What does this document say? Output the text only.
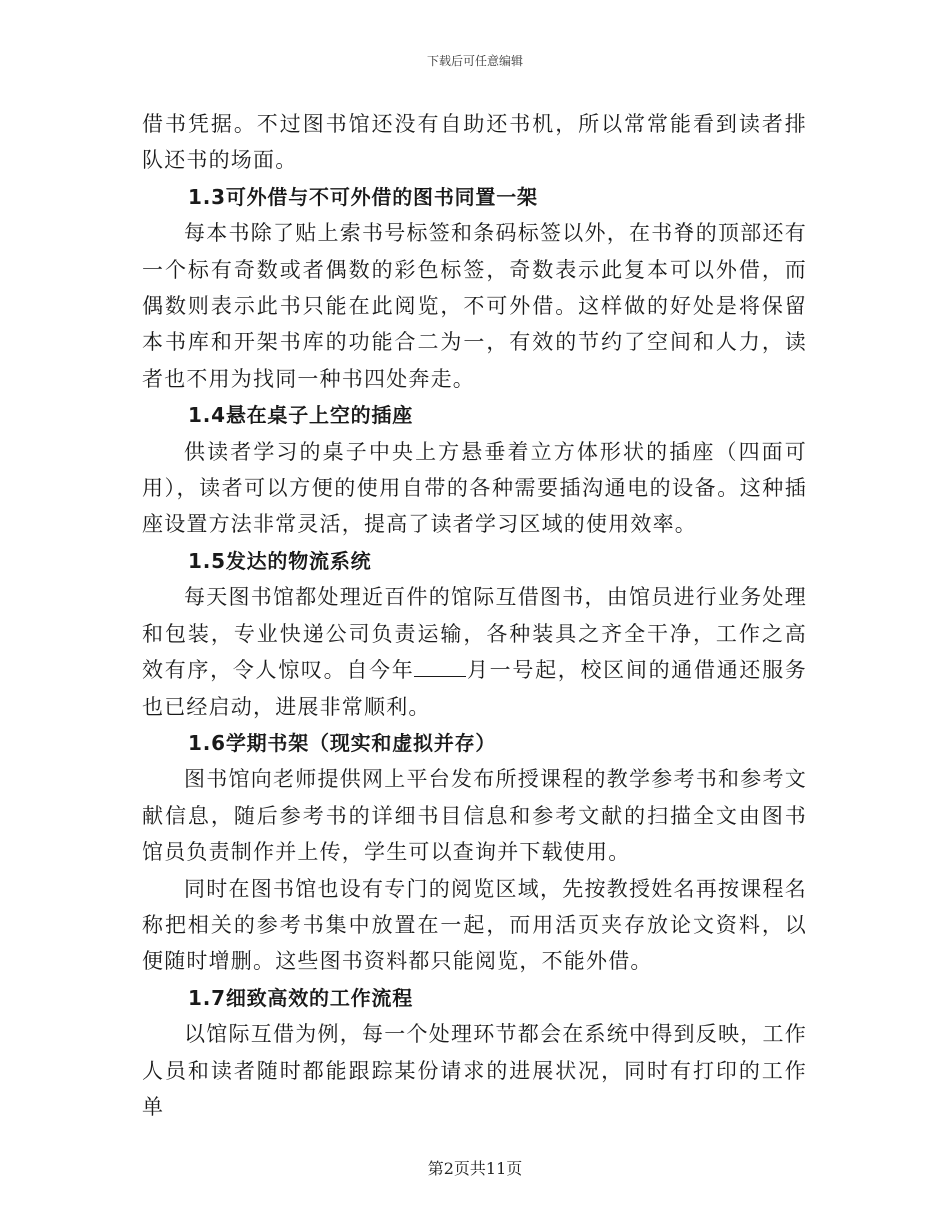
下载后可任意编辑

借书凭据。不过图书馆还没有自助还书机，所以常常能看到读者排队还书的场面。

1.3可外借与不可外借的图书同置一架

每本书除了贴上索书号标签和条码标签以外，在书脊的顶部还有一个标有奇数或者偶数的彩色标签，奇数表示此复本可以外借，而偶数则表示此书只能在此阅览，不可外借。这样做的好处是将保留本书库和开架书库的功能合二为一，有效的节约了空间和人力，读者也不用为找同一种书四处奔走。

1.4悬在桌子上空的插座

供读者学习的桌子中央上方悬垂着立方体形状的插座（四面可用），读者可以方便的使用自带的各种需要插沟通电的设备。这种插座设置方法非常灵活，提高了读者学习区域的使用效率。

1.5发达的物流系统

每天图书馆都处理近百件的馆际互借图书，由馆员进行业务处理和包装，专业快递公司负责运输，各种装具之齐全干净，工作之高效有序，令人惊叹。自今年 月一号起，校区间的通借通还服务也已经启动，进展非常顺利。

1.6学期书架（现实和虚拟并存）

图书馆向老师提供网上平台发布所授课程的教学参考书和参考文献信息，随后参考书的详细书目信息和参考文献的扫描全文由图书馆员负责制作并上传，学生可以查询并下载使用。

同时在图书馆也设有专门的阅览区域，先按教授姓名再按课程名称把相关的参考书集中放置在一起，而用活页夹存放论文资料，以便随时增删。这些图书资料都只能阅览，不能外借。

1.7细致高效的工作流程

以馆际互借为例，每一个处理环节都会在系统中得到反映，工作人员和读者随时都能跟踪某份请求的进展状况，同时有打印的工作单

第2页共11页
